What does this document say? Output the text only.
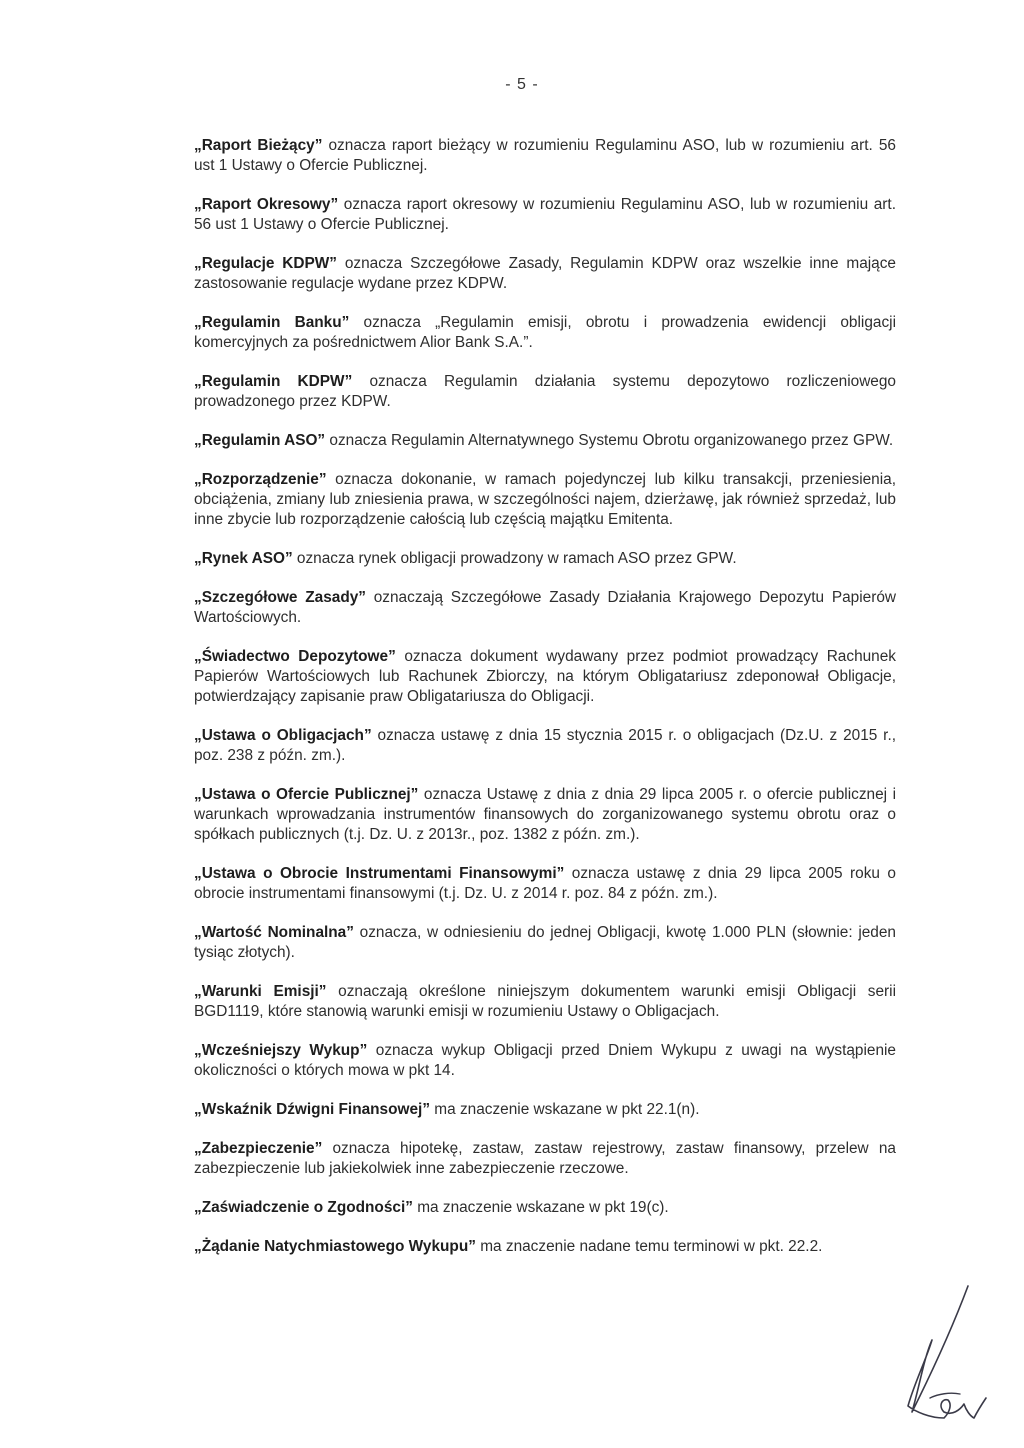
- 5 -

„Raport Bieżący” oznacza raport bieżący w rozumieniu Regulaminu ASO, lub w rozumieniu art. 56 ust 1 Ustawy o Ofercie Publicznej.

„Raport Okresowy” oznacza raport okresowy w rozumieniu Regulaminu ASO, lub w rozumieniu art. 56 ust 1 Ustawy o Ofercie Publicznej.

„Regulacje KDPW” oznacza Szczegółowe Zasady, Regulamin KDPW oraz wszelkie inne mające zastosowanie regulacje wydane przez KDPW.

„Regulamin Banku” oznacza „Regulamin emisji, obrotu i prowadzenia ewidencji obligacji komercyjnych za pośrednictwem Alior Bank S.A.”.

„Regulamin KDPW” oznacza Regulamin działania systemu depozytowo rozliczeniowego prowadzonego przez KDPW.

„Regulamin ASO” oznacza Regulamin Alternatywnego Systemu Obrotu organizowanego przez GPW.

„Rozporządzenie” oznacza dokonanie, w ramach pojedynczej lub kilku transakcji, przeniesienia, obciążenia, zmiany lub zniesienia prawa, w szczególności najem, dzierżawę, jak również sprzedaż, lub inne zbycie lub rozporządzenie całością lub częścią majątku Emitenta.

„Rynek ASO” oznacza rynek obligacji prowadzony w ramach ASO przez GPW.

„Szczegółowe Zasady” oznaczają Szczegółowe Zasady Działania Krajowego Depozytu Papierów Wartościowych.

„Świadectwo Depozytowe” oznacza dokument wydawany przez podmiot prowadzący Rachunek Papierów Wartościowych lub Rachunek Zbiorczy, na którym Obligatariusz zdeponował Obligacje, potwierdzający zapisanie praw Obligatariusza do Obligacji.

„Ustawa o Obligacjach” oznacza ustawę z dnia 15 stycznia 2015 r. o obligacjach (Dz.U. z 2015 r., poz. 238 z późn. zm.).

„Ustawa o Ofercie Publicznej” oznacza Ustawę z dnia z dnia 29 lipca 2005 r. o ofercie publicznej i warunkach wprowadzania instrumentów finansowych do zorganizowanego systemu obrotu oraz o spółkach publicznych (t.j. Dz. U. z 2013r., poz. 1382 z późn. zm.).

„Ustawa o Obrocie Instrumentami Finansowymi” oznacza ustawę z dnia 29 lipca 2005 roku o obrocie instrumentami finansowymi (t.j. Dz. U. z 2014 r. poz. 84 z późn. zm.).

„Wartość Nominalna” oznacza, w odniesieniu do jednej Obligacji, kwotę 1.000 PLN (słownie: jeden tysiąc złotych).

„Warunki Emisji” oznaczają określone niniejszym dokumentem warunki emisji Obligacji serii BGD1119, które stanowią warunki emisji w rozumieniu Ustawy o Obligacjach.

„Wcześniejszy Wykup” oznacza wykup Obligacji przed Dniem Wykupu z uwagi na wystąpienie okoliczności o których mowa w pkt 14.

„Wskaźnik Dźwigni Finansowej” ma znaczenie wskazane w pkt 22.1(n).

„Zabezpieczenie” oznacza hipotekę, zastaw, zastaw rejestrowy, zastaw finansowy, przelew na zabezpieczenie lub jakiekolwiek inne zabezpieczenie rzeczowe.

„Zaświadczenie o Zgodności” ma znaczenie wskazane w pkt 19(c).

„Żądanie Natychmiastowego Wykupu” ma znaczenie nadane temu terminowi w pkt. 22.2.
